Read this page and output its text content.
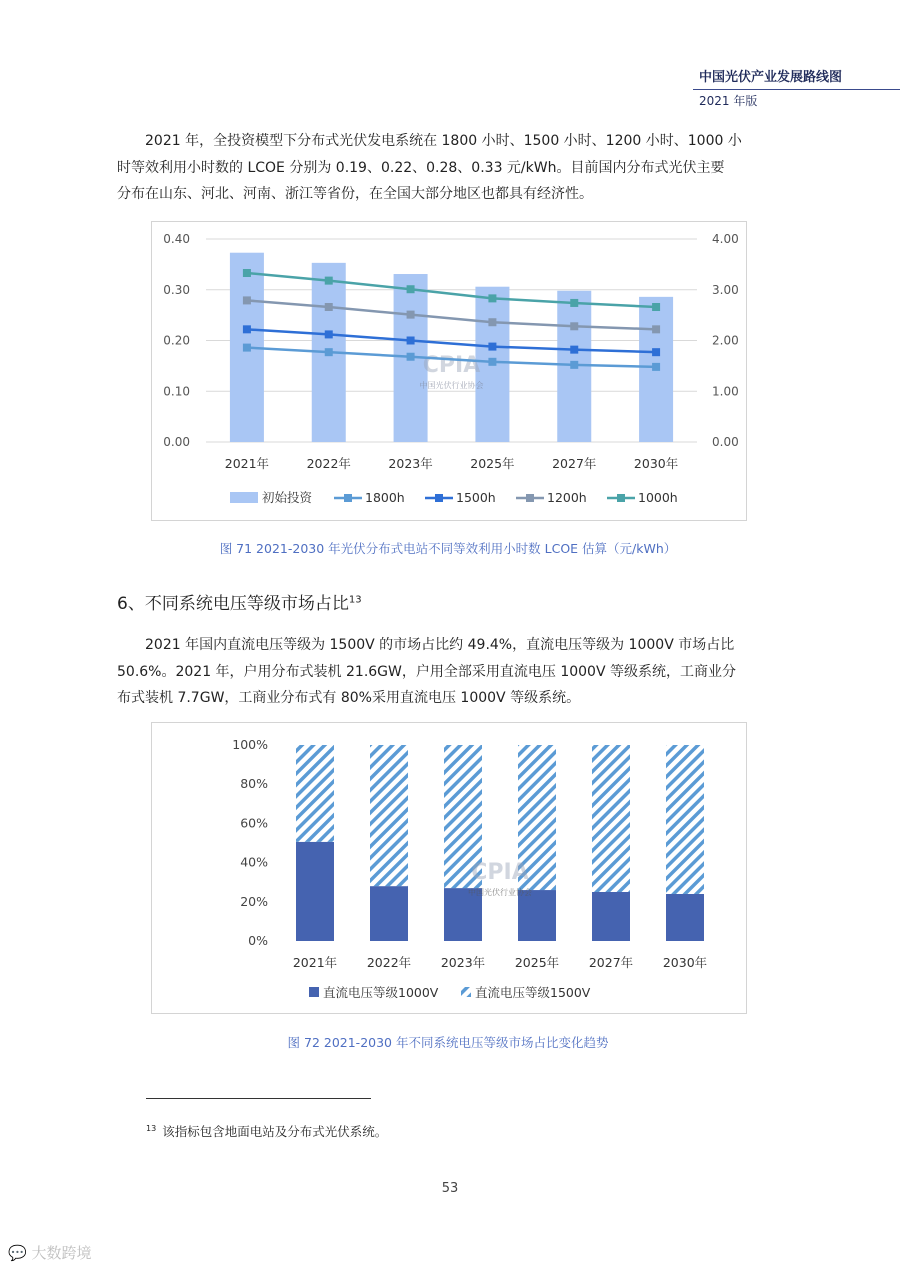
中国光伏产业发展路线图
2021 年版
2021 年，全投资模型下分布式光伏发电系统在 1800 小时、1500 小时、1200 小时、1000 小
时等效利用小时数的 LCOE 分别为 0.19、0.22、0.28、0.33 元/kWh。目前国内分布式光伏主要
分布在山东、河北、河南、浙江等省份，在全国大部分地区也都具有经济性。
0.40
0.30
0.20
0.10
0.00
4.00
3.00
2.00
1.00
0.00
CPIA
中国光伏行业协会
2021年	2022年	2023年	2025年	2027年	2030年
初始投资	1800h	1500h	1200h	1000h
图 71 2021-2030 年光伏分布式电站不同等效利用小时数 LCOE 估算（元/kWh）
6、不同系统电压等级市场占比$^{13}$
2021 年国内直流电压等级为 1500V 的市场占比约 49.4%，直流电压等级为 1000V 市场占比
50.6%。2021 年，户用分布式装机 21.6GW，户用全部采用直流电压 1000V 等级系统，工商业分
布式装机 7.7GW，工商业分布式有 80%采用直流电压 1000V 等级系统。
100%
80%
60%
40%
20%
0%
2021年 2022年 2023年 2025年 2027年 2030年
CPIA
中国光伏行业协会
直流电压等级1000V	直流电压等级1500V
图 72 2021-2030 年不同系统电压等级市场占比变化趋势
$^{13}$ 该指标包含地面电站及分布式光伏系统。
53
💬 大数跨境
